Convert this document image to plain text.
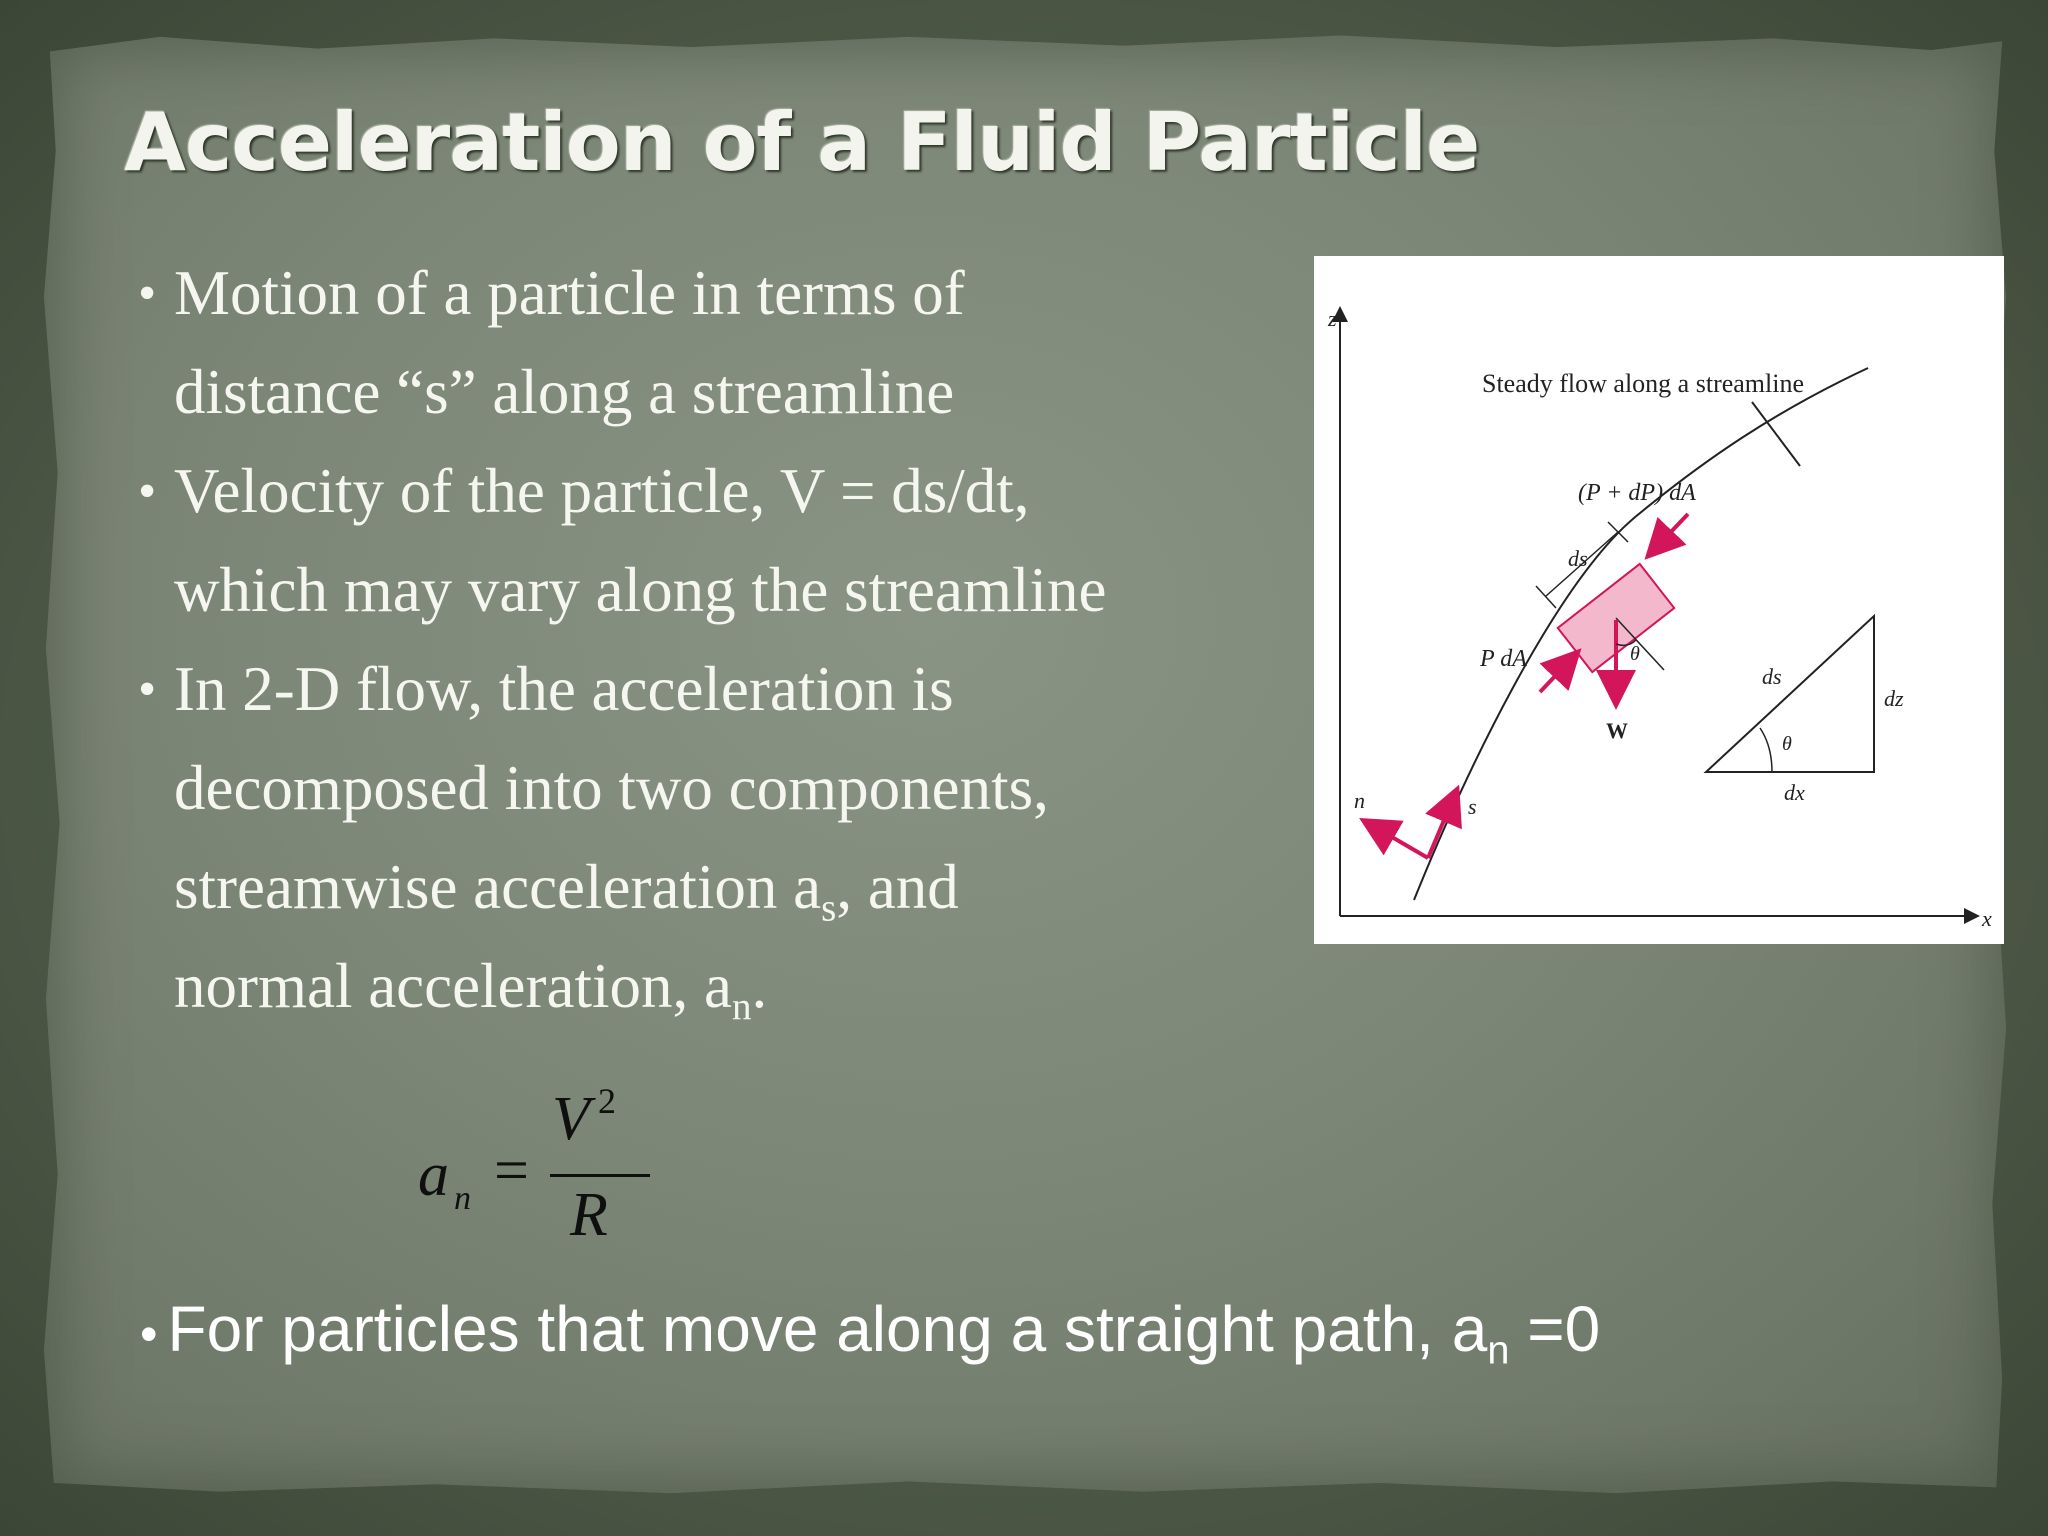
Acceleration of a Fluid Particle
• Motion of a particle in terms of
distance “s” along a streamline
• Velocity of the particle, V = ds/dt,
which may vary along the streamline
• In 2-D flow, the acceleration is
decomposed into two components,
streamwise acceleration $a_s$, and
normal acceleration, $a_n$.
a n =
V 2
R
• For particles that move along a straight path, $a_n =0$
z
x
Steady flow along a streamline
ds
(P + dP) dA
P dA
W
θ
s
n
ds
dz
dx
θ
